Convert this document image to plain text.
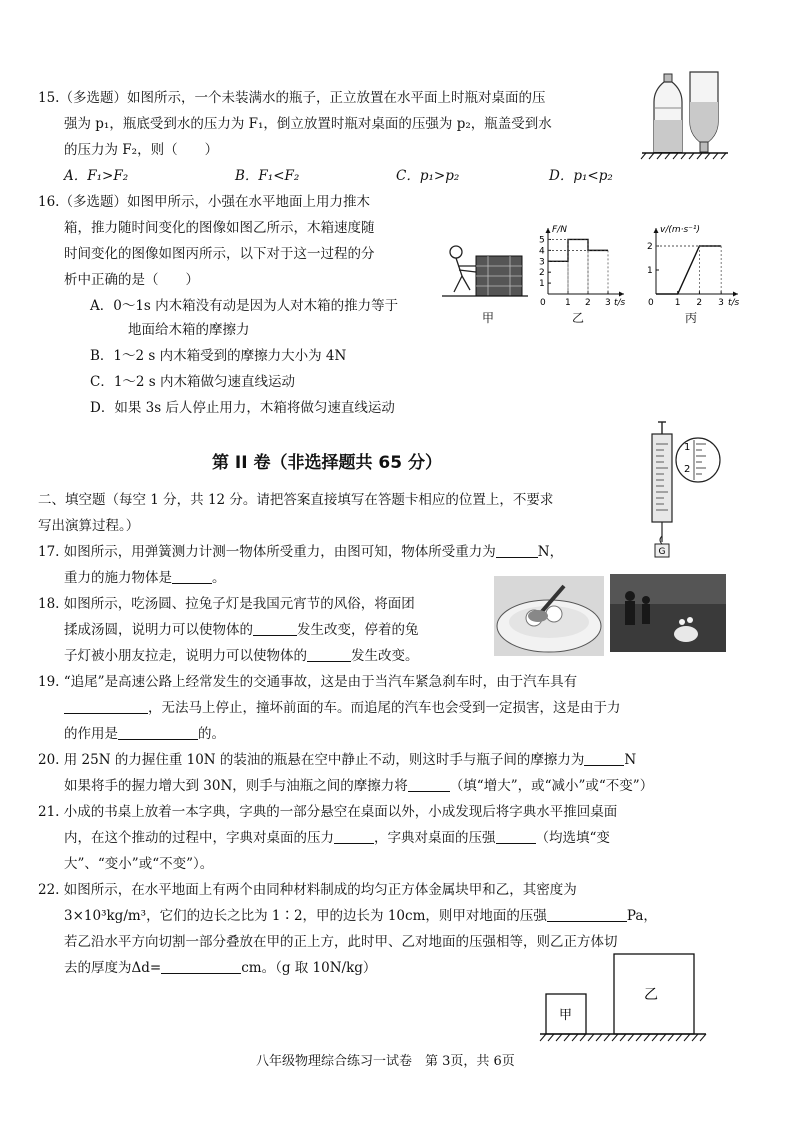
15.（多选题）如图所示，一个未装满水的瓶子，正立放置在水平面上时瓶对桌面的压
强为 p₁，瓶底受到水的压力为 F₁，倒立放置时瓶对桌面的压强为 p₂，瓶盖受到水
的压力为 F₂，则（　　）
A．F₁>F₂	B．F₁<F₂	C．p₁>p₂	D．p₁<p₂
16.（多选题）如图甲所示，小强在水平地面上用力推木
箱，推力随时间变化的图像如图乙所示，木箱速度随
时间变化的图像如图丙所示，以下对于这一过程的分
析中正确的是（　　）
A．0～1s 内木箱没有动是因为人对木箱的推力等于
地面给木箱的摩擦力
B．1～2 s 内木箱受到的摩擦力大小为 4N
C．1～2 s 内木箱做匀速直线运动
D．如果 3s 后人停止用力，木箱将做匀速直线运动
甲
0 1 2 3
1
2
3
4
5
F/N
t/s
乙
0 1 2 3
1
2
v/(m·s⁻¹)
t/s
丙
第 II 卷（非选择题共 65 分）
G
1
2
二、填空题（每空 1 分，共 12 分。请把答案直接填写在答题卡相应的位置上，不要求
写出演算过程。）
17. 如图所示，用弹簧测力计测一物体所受重力，由图可知，物体所受重力为	N，
重力的施力物体是	。
18. 如图所示，吃汤圆、拉兔子灯是我国元宵节的风俗，将面团
揉成汤圆，说明力可以使物体的	发生改变，停着的兔
子灯被小朋友拉走，说明力可以使物体的	发生改变。
19. “追尾”是高速公路上经常发生的交通事故，这是由于当汽车紧急刹车时，由于汽车具有
，无法马上停止，撞坏前面的车。而追尾的汽车也会受到一定损害，这是由于力
的作用是	的。
20. 用 25N 的力握住重 10N 的装油的瓶悬在空中静止不动，则这时手与瓶子间的摩擦力为	N
如果将手的握力增大到 30N，则手与油瓶之间的摩擦力将	（填“增大”，或“减小”或“不变”）
21. 小成的书桌上放着一本字典，字典的一部分悬空在桌面以外，小成发现后将字典水平推回桌面
内，在这个推动的过程中，字典对桌面的压力	，字典对桌面的压强	（均选填“变
大”、“变小”或“不变”）。
22. 如图所示，在水平地面上有两个由同种材料制成的均匀正方体金属块甲和乙，其密度为
3×10³kg/m³，它们的边长之比为 1∶2，甲的边长为 10cm，则甲对地面的压强	Pa，
若乙沿水平方向切割一部分叠放在甲的正上方，此时甲、乙对地面的压强相等，则乙正方体切
去的厚度为Δd=	cm。（g 取 10N/kg）
甲
乙
八年级物理综合练习一试卷　第 3页，共 6页
